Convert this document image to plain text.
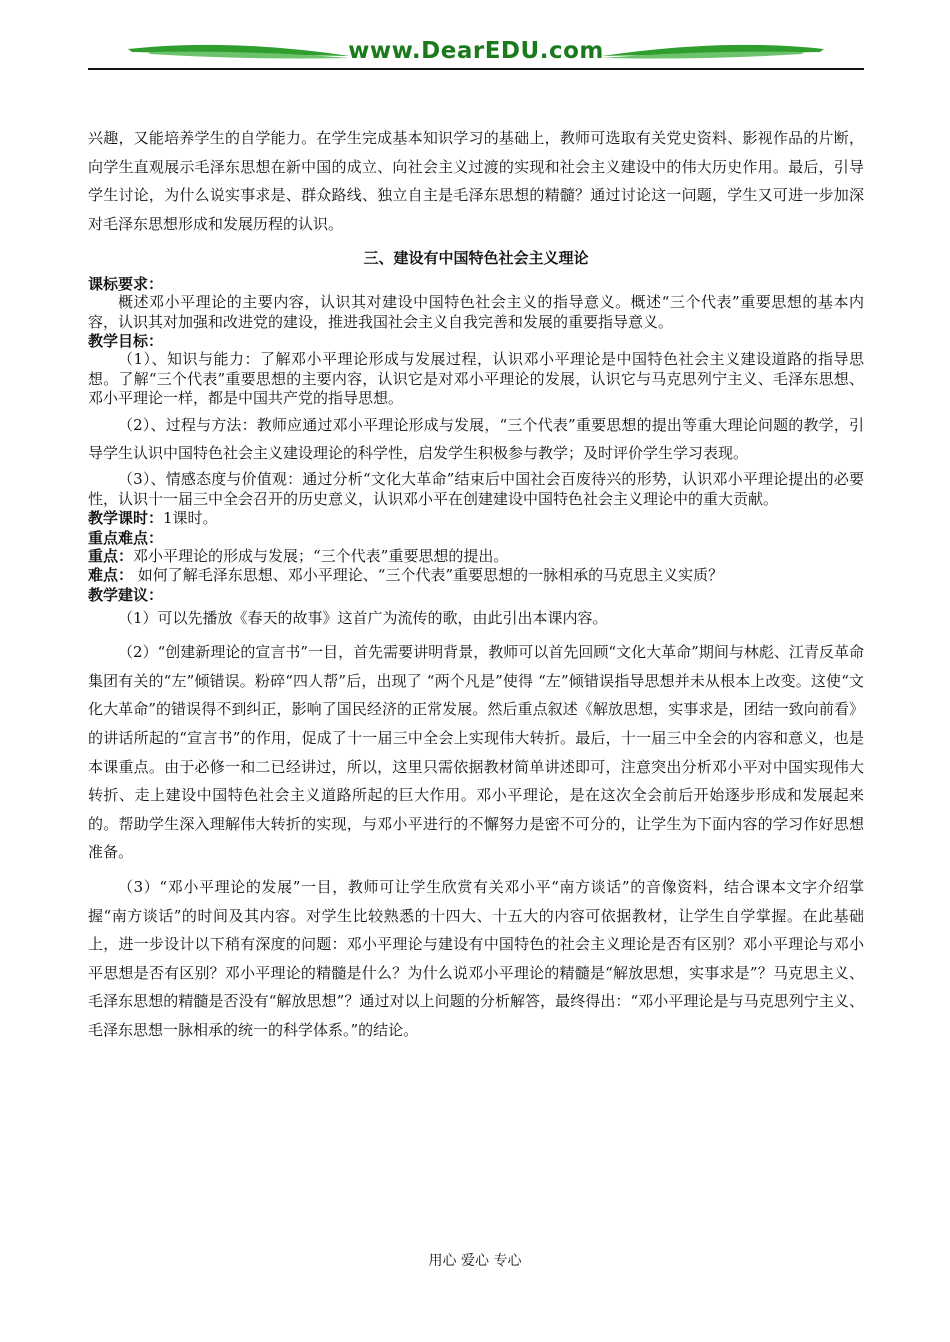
www.DearEDU.com

兴趣，又能培养学生的自学能力。在学生完成基本知识学习的基础上，教师可选取有关党史资料、影视作品的片断，向学生直观展示毛泽东思想在新中国的成立、向社会主义过渡的实现和社会主义建设中的伟大历史作用。最后，引导学生讨论，为什么说实事求是、群众路线、独立自主是毛泽东思想的精髓？通过讨论这一问题，学生又可进一步加深对毛泽东思想形成和发展历程的认识。

三、建设有中国特色社会主义理论

课标要求：

概述邓小平理论的主要内容，认识其对建设中国特色社会主义的指导意义。概述“三个代表”重要思想的基本内容，认识其对加强和改进党的建设，推进我国社会主义自我完善和发展的重要指导意义。

教学目标：

（1）、知识与能力：了解邓小平理论形成与发展过程，认识邓小平理论是中国特色社会主义建设道路的指导思想。了解“三个代表”重要思想的主要内容，认识它是对邓小平理论的发展，认识它与马克思列宁主义、毛泽东思想、邓小平理论一样，都是中国共产党的指导思想。

（2）、过程与方法：教师应通过邓小平理论形成与发展，“三个代表”重要思想的提出等重大理论问题的教学，引导学生认识中国特色社会主义建设理论的科学性，启发学生积极参与教学；及时评价学生学习表现。

（3）、情感态度与价值观：通过分析“文化大革命”结束后中国社会百废待兴的形势，认识邓小平理论提出的必要性，认识十一届三中全会召开的历史意义，认识邓小平在创建建设中国特色社会主义理论中的重大贡献。

教学课时：1课时。

重点难点：

重点：邓小平理论的形成与发展；“三个代表”重要思想的提出。

难点： 如何了解毛泽东思想、邓小平理论、“三个代表”重要思想的一脉相承的马克思主义实质？

教学建议：

（1）可以先播放《春天的故事》这首广为流传的歌，由此引出本课内容。

（2）“创建新理论的宣言书”一目，首先需要讲明背景，教师可以首先回顾“文化大革命”期间与林彪、江青反革命集团有关的“左”倾错误。粉碎“四人帮”后，出现了 “两个凡是”使得 “左”倾错误指导思想并未从根本上改变。这使“文化大革命”的错误得不到纠正，影响了国民经济的正常发展。然后重点叙述《解放思想，实事求是，团结一致向前看》的讲话所起的“宣言书”的作用，促成了十一届三中全会上实现伟大转折。最后，十一届三中全会的内容和意义，也是本课重点。由于必修一和二已经讲过，所以，这里只需依据教材简单讲述即可，注意突出分析邓小平对中国实现伟大转折、走上建设中国特色社会主义道路所起的巨大作用。邓小平理论，是在这次全会前后开始逐步形成和发展起来的。帮助学生深入理解伟大转折的实现，与邓小平进行的不懈努力是密不可分的，让学生为下面内容的学习作好思想准备。

（3）“邓小平理论的发展”一目，教师可让学生欣赏有关邓小平“南方谈话”的音像资料，结合课本文字介绍掌握“南方谈话”的时间及其内容。对学生比较熟悉的十四大、十五大的内容可依据教材，让学生自学掌握。在此基础上，进一步设计以下稍有深度的问题：邓小平理论与建设有中国特色的社会主义理论是否有区别？邓小平理论与邓小平思想是否有区别？邓小平理论的精髓是什么？为什么说邓小平理论的精髓是“解放思想，实事求是”？马克思主义、毛泽东思想的精髓是否没有“解放思想”？通过对以上问题的分析解答，最终得出：“邓小平理论是与马克思列宁主义、毛泽东思想一脉相承的统一的科学体系。”的结论。

用心 爱心 专心
